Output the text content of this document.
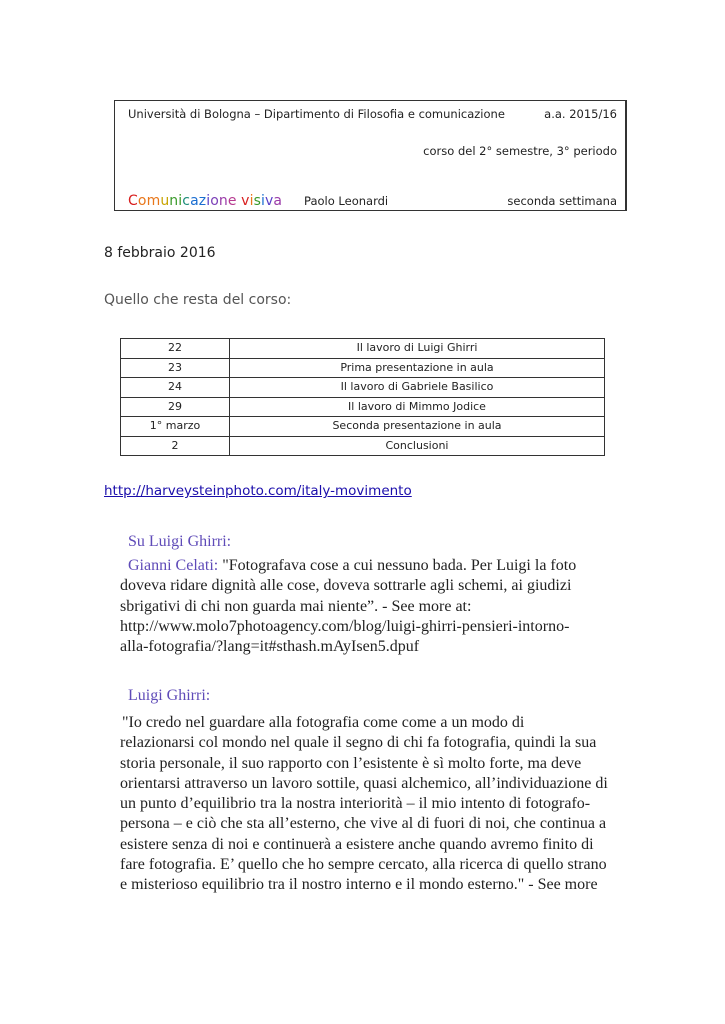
Università di Bologna – Dipartimento di Filosofia e comunicazione	a.a. 2015/16
corso del 2° semestre, 3° periodo
Comunicazione visiva Paolo Leonardi	seconda settimana
8 febbraio 2016
Quello che resta del corso:
22	Il lavoro di Luigi Ghirri
23	Prima presentazione in aula
24	Il lavoro di Gabriele Basilico
29	Il lavoro di Mimmo Jodice
1° marzo	Seconda presentazione in aula
2	Conclusioni
http://harveysteinphoto.com/italy-movimento
Su Luigi Ghirri:
Gianni Celati: "Fotografava cose a cui nessuno bada. Per Luigi la foto
doveva ridare dignità alle cose, doveva sottrarle agli schemi, ai giudizi
sbrigativi di chi non guarda mai niente”. - See more at:
http://www.molo7photoagency.com/blog/luigi-ghirri-pensieri-intorno-
alla-fotografia/?lang=it#sthash.mAyIsen5.dpuf
Luigi Ghirri:
"Io credo nel guardare alla fotografia come come a un modo di
relazionarsi col mondo nel quale il segno di chi fa fotografia, quindi la sua
storia personale, il suo rapporto con l’esistente è sì molto forte, ma deve
orientarsi attraverso un lavoro sottile, quasi alchemico, all’individuazione di
un punto d’equilibrio tra la nostra interiorità – il mio intento di fotografo-
persona – e ciò che sta all’esterno, che vive al di fuori di noi, che continua a
esistere senza di noi e continuerà a esistere anche quando avremo finito di
fare fotografia. E’ quello che ho sempre cercato, alla ricerca di quello strano
e misterioso equilibrio tra il nostro interno e il mondo esterno." - See more
